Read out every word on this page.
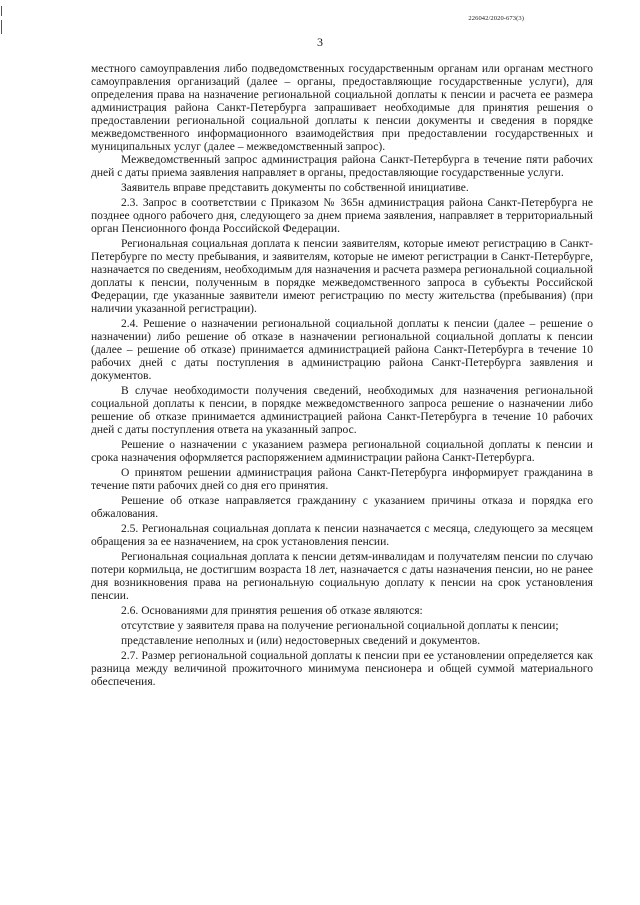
226042/2020-673(3)
3

местного самоуправления либо подведомственных государственным органам или органам местного самоуправления организаций (далее – органы, предоставляющие государственные услуги), для определения права на назначение региональной социальной доплаты к пенсии и расчета ее размера администрация района Санкт-Петербурга запрашивает необходимые для принятия решения о предоставлении региональной социальной доплаты к пенсии документы и сведения в порядке межведомственного информационного взаимодействия при предоставлении государственных и муниципальных услуг (далее – межведомственный запрос).

Межведомственный запрос администрация района Санкт-Петербурга в течение пяти рабочих дней с даты приема заявления направляет в органы, предоставляющие государственные услуги.

Заявитель вправе представить документы по собственной инициативе.

2.3. Запрос в соответствии с Приказом № 365н администрация района Санкт-Петербурга не позднее одного рабочего дня, следующего за днем приема заявления, направляет в территориальный орган Пенсионного фонда Российской Федерации.

Региональная социальная доплата к пенсии заявителям, которые имеют регистрацию в Санкт-Петербурге по месту пребывания, и заявителям, которые не имеют регистрации в Санкт-Петербурге, назначается по сведениям, необходимым для назначения и расчета размера региональной социальной доплаты к пенсии, полученным в порядке межведомственного запроса в субъекты Российской Федерации, где указанные заявители имеют регистрацию по месту жительства (пребывания) (при наличии указанной регистрации).

2.4. Решение о назначении региональной социальной доплаты к пенсии (далее – решение о назначении) либо решение об отказе в назначении региональной социальной доплаты к пенсии (далее – решение об отказе) принимается администрацией района Санкт-Петербурга в течение 10 рабочих дней с даты поступления в администрацию района Санкт-Петербурга заявления и документов.

В случае необходимости получения сведений, необходимых для назначения региональной социальной доплаты к пенсии, в порядке межведомственного запроса решение о назначении либо решение об отказе принимается администрацией района Санкт-Петербурга в течение 10 рабочих дней с даты поступления ответа на указанный запрос.

Решение о назначении с указанием размера региональной социальной доплаты к пенсии и срока назначения оформляется распоряжением администрации района Санкт-Петербурга.

О принятом решении администрация района Санкт-Петербурга информирует гражданина в течение пяти рабочих дней со дня его принятия.

Решение об отказе направляется гражданину с указанием причины отказа и порядка его обжалования.

2.5. Региональная социальная доплата к пенсии назначается с месяца, следующего за месяцем обращения за ее назначением, на срок установления пенсии.

Региональная социальная доплата к пенсии детям-инвалидам и получателям пенсии по случаю потери кормильца, не достигшим возраста 18 лет, назначается с даты назначения пенсии, но не ранее дня возникновения права на региональную социальную доплату к пенсии на срок установления пенсии.

2.6. Основаниями для принятия решения об отказе являются:

отсутствие у заявителя права на получение региональной социальной доплаты к пенсии;

представление неполных и (или) недостоверных сведений и документов.

2.7. Размер региональной социальной доплаты к пенсии при ее установлении определяется как разница между величиной прожиточного минимума пенсионера и общей суммой материального обеспечения.
